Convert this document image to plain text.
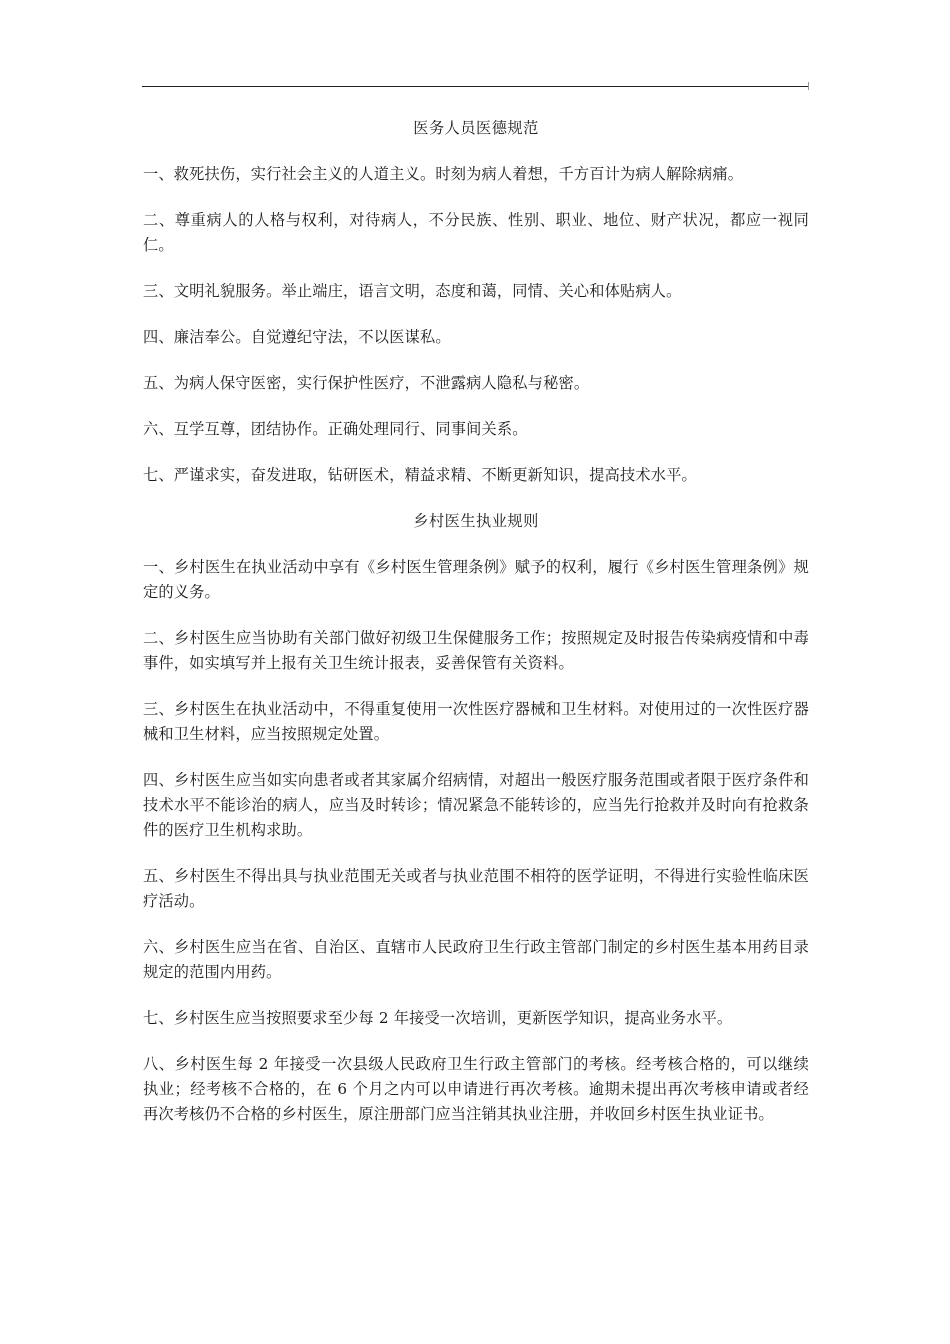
医务人员医德规范

一、救死扶伤，实行社会主义的人道主义。时刻为病人着想，千方百计为病人解除病痛。

二、尊重病人的人格与权利，对待病人，不分民族、性别、职业、地位、财产状况，都应一视同仁。

三、文明礼貌服务。举止端庄，语言文明，态度和蔼，同情、关心和体贴病人。

四、廉洁奉公。自觉遵纪守法，不以医谋私。

五、为病人保守医密，实行保护性医疗，不泄露病人隐私与秘密。

六、互学互尊，团结协作。正确处理同行、同事间关系。

七、严谨求实，奋发进取，钻研医术，精益求精、不断更新知识，提高技术水平。

乡村医生执业规则

一、乡村医生在执业活动中享有《乡村医生管理条例》赋予的权利，履行《乡村医生管理条例》规定的义务。

二、乡村医生应当协助有关部门做好初级卫生保健服务工作；按照规定及时报告传染病疫情和中毒事件，如实填写并上报有关卫生统计报表，妥善保管有关资料。

三、乡村医生在执业活动中，不得重复使用一次性医疗器械和卫生材料。对使用过的一次性医疗器械和卫生材料，应当按照规定处置。

四、乡村医生应当如实向患者或者其家属介绍病情，对超出一般医疗服务范围或者限于医疗条件和技术水平不能诊治的病人，应当及时转诊；情况紧急不能转诊的，应当先行抢救并及时向有抢救条件的医疗卫生机构求助。

五、乡村医生不得出具与执业范围无关或者与执业范围不相符的医学证明，不得进行实验性临床医疗活动。

六、乡村医生应当在省、自治区、直辖市人民政府卫生行政主管部门制定的乡村医生基本用药目录规定的范围内用药。

七、乡村医生应当按照要求至少每 2 年接受一次培训，更新医学知识，提高业务水平。

八、乡村医生每 2 年接受一次县级人民政府卫生行政主管部门的考核。经考核合格的，可以继续执业；经考核不合格的，在 6 个月之内可以申请进行再次考核。逾期未提出再次考核申请或者经再次考核仍不合格的乡村医生，原注册部门应当注销其执业注册，并收回乡村医生执业证书。
